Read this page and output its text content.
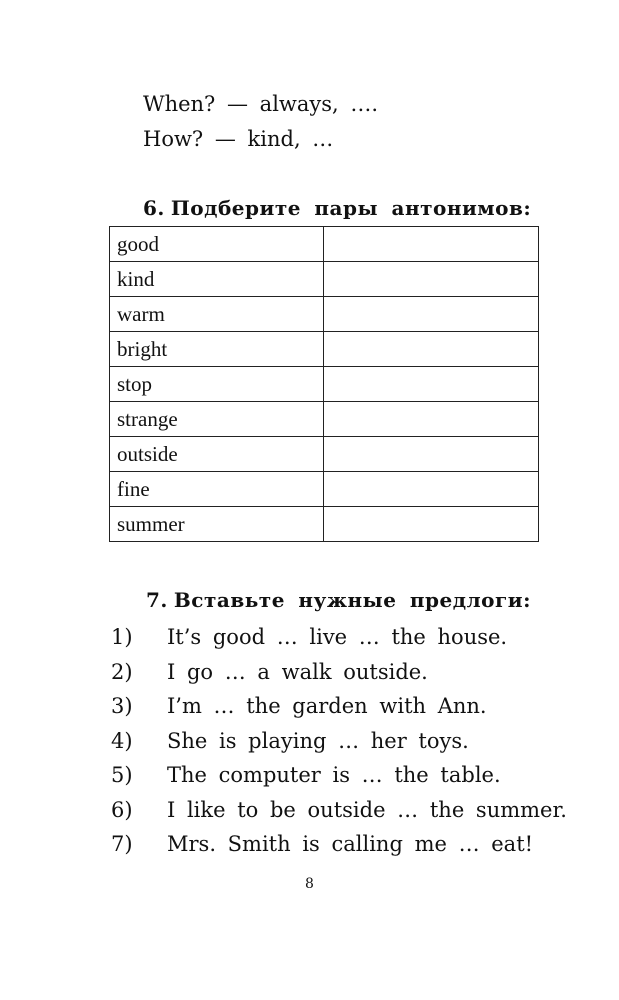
When? — always, ….
How? — kind, …
6. Подберите пары антонимов:
good	
kind	
warm	
bright	
stop	
strange	
outside	
fine	
summer	
7. Вставьте нужные предлоги:
1) It’s good … live … the house.
2) I go … a walk outside.
3) I’m … the garden with Ann.
4) She is playing … her toys.
5) The computer is … the table.
6) I like to be outside … the summer.
7) Mrs. Smith is calling me … eat!
8
